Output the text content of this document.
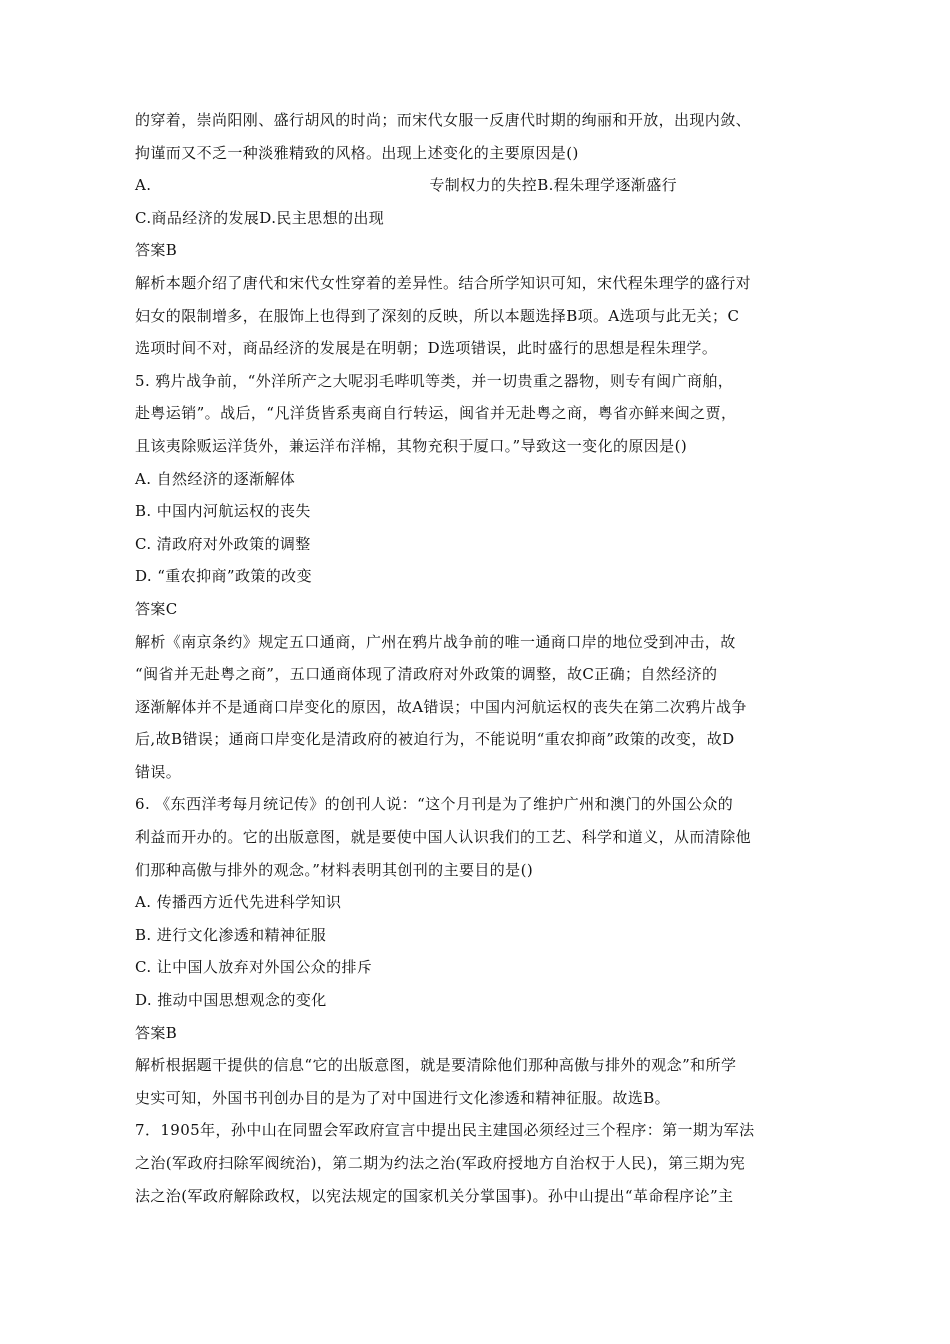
的穿着，崇尚阳刚、盛行胡风的时尚；而宋代女服一反唐代时期的绚丽和开放，出现内敛、
拘谨而又不乏一种淡雅精致的风格。出现上述变化的主要原因是()
A.	专制权力的失控B.程朱理学逐渐盛行
C.商品经济的发展D.民主思想的出现
答案B
解析本题介绍了唐代和宋代女性穿着的差异性。结合所学知识可知，宋代程朱理学的盛行对
妇女的限制增多，在服饰上也得到了深刻的反映，所以本题选择B项。A选项与此无关；C
选项时间不对，商品经济的发展是在明朝；D选项错误，此时盛行的思想是程朱理学。
5. 鸦片战争前，“外洋所产之大呢羽毛哔叽等类，并一切贵重之器物，则专有闽广商舶，
赴粤运销”。战后，“凡洋货皆系夷商自行转运，闽省并无赴粤之商，粤省亦鲜来闽之贾，
且该夷除贩运洋货外，兼运洋布洋棉，其物充积于厦口。”导致这一变化的原因是()
A. 自然经济的逐渐解体
B. 中国内河航运权的丧失
C. 清政府对外政策的调整
D. “重农抑商”政策的改变
答案C
解析《南京条约》规定五口通商，广州在鸦片战争前的唯一通商口岸的地位受到冲击，故
“闽省并无赴粤之商”，五口通商体现了清政府对外政策的调整，故C正确；自然经济的
逐渐解体并不是通商口岸变化的原因，故A错误；中国内河航运权的丧失在第二次鸦片战争
后,故B错误；通商口岸变化是清政府的被迫行为，不能说明“重农抑商”政策的改变，故D
错误。
6. 《东西洋考每月统记传》的创刊人说：“这个月刊是为了维护广州和澳门的外国公众的
利益而开办的。它的出版意图，就是要使中国人认识我们的工艺、科学和道义，从而清除他
们那种高傲与排外的观念。”材料表明其创刊的主要目的是()
A. 传播西方近代先进科学知识
B. 进行文化渗透和精神征服
C. 让中国人放弃对外国公众的排斥
D. 推动中国思想观念的变化
答案B
解析根据题干提供的信息“它的出版意图，就是要清除他们那种高傲与排外的观念”和所学
史实可知，外国书刊创办目的是为了对中国进行文化渗透和精神征服。故选B。
7．1905年，孙中山在同盟会军政府宣言中提出民主建国必须经过三个程序：第一期为军法
之治(军政府扫除军阀统治)，第二期为约法之治(军政府授地方自治权于人民)，第三期为宪
法之治(军政府解除政权，以宪法规定的国家机关分掌国事)。孙中山提出“革命程序论”主
